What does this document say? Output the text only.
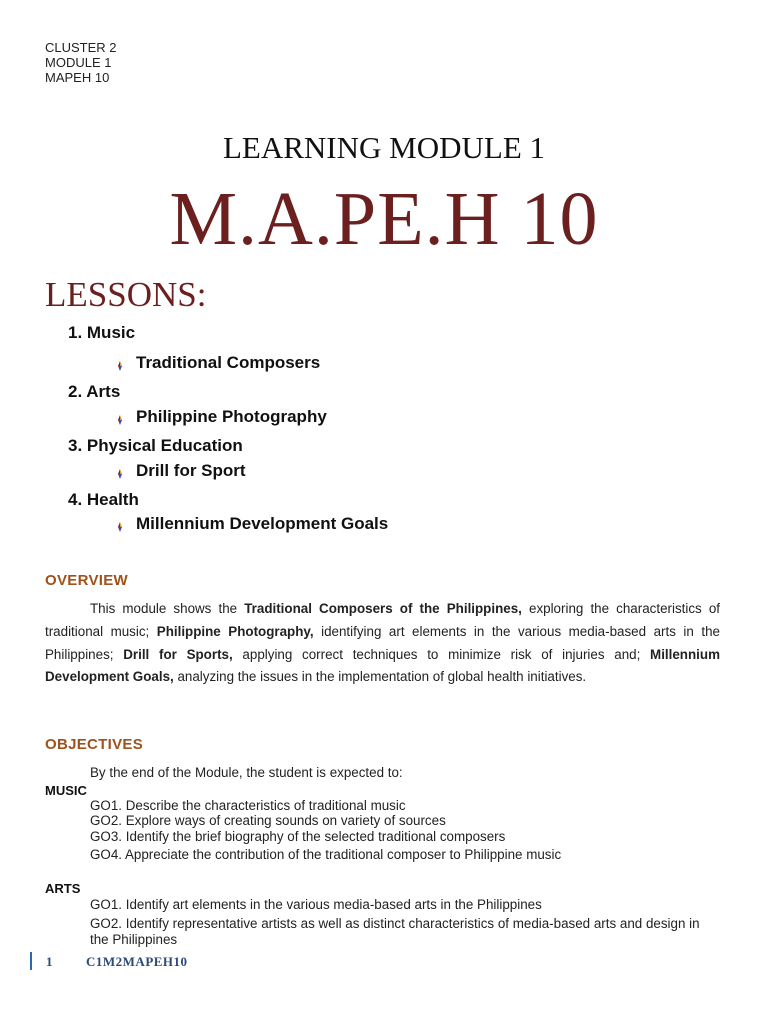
CLUSTER 2
MODULE 1
MAPEH 10
LEARNING MODULE 1
M.A.PE.H 10
LESSONS:
1. Music
Traditional Composers
2. Arts
Philippine Photography
3. Physical Education
Drill for Sport
4. Health
Millennium Development Goals
OVERVIEW
This module shows the Traditional Composers of the Philippines, exploring the characteristics of traditional music; Philippine Photography, identifying art elements in the various media-based arts in the Philippines; Drill for Sports, applying correct techniques to minimize risk of injuries and; Millennium Development Goals, analyzing the issues in the implementation of global health initiatives.
OBJECTIVES
By the end of the Module, the student is expected to:
MUSIC
GO1. Describe the characteristics of traditional music
GO2. Explore ways of creating sounds on variety of sources
GO3. Identify the brief biography of the selected traditional composers
GO4. Appreciate the contribution of the traditional composer to Philippine music
ARTS
GO1. Identify art elements in the various media-based arts in the Philippines
GO2. Identify representative artists as well as distinct characteristics of media-based arts and design in the Philippines
1	C1M2MAPEH10
